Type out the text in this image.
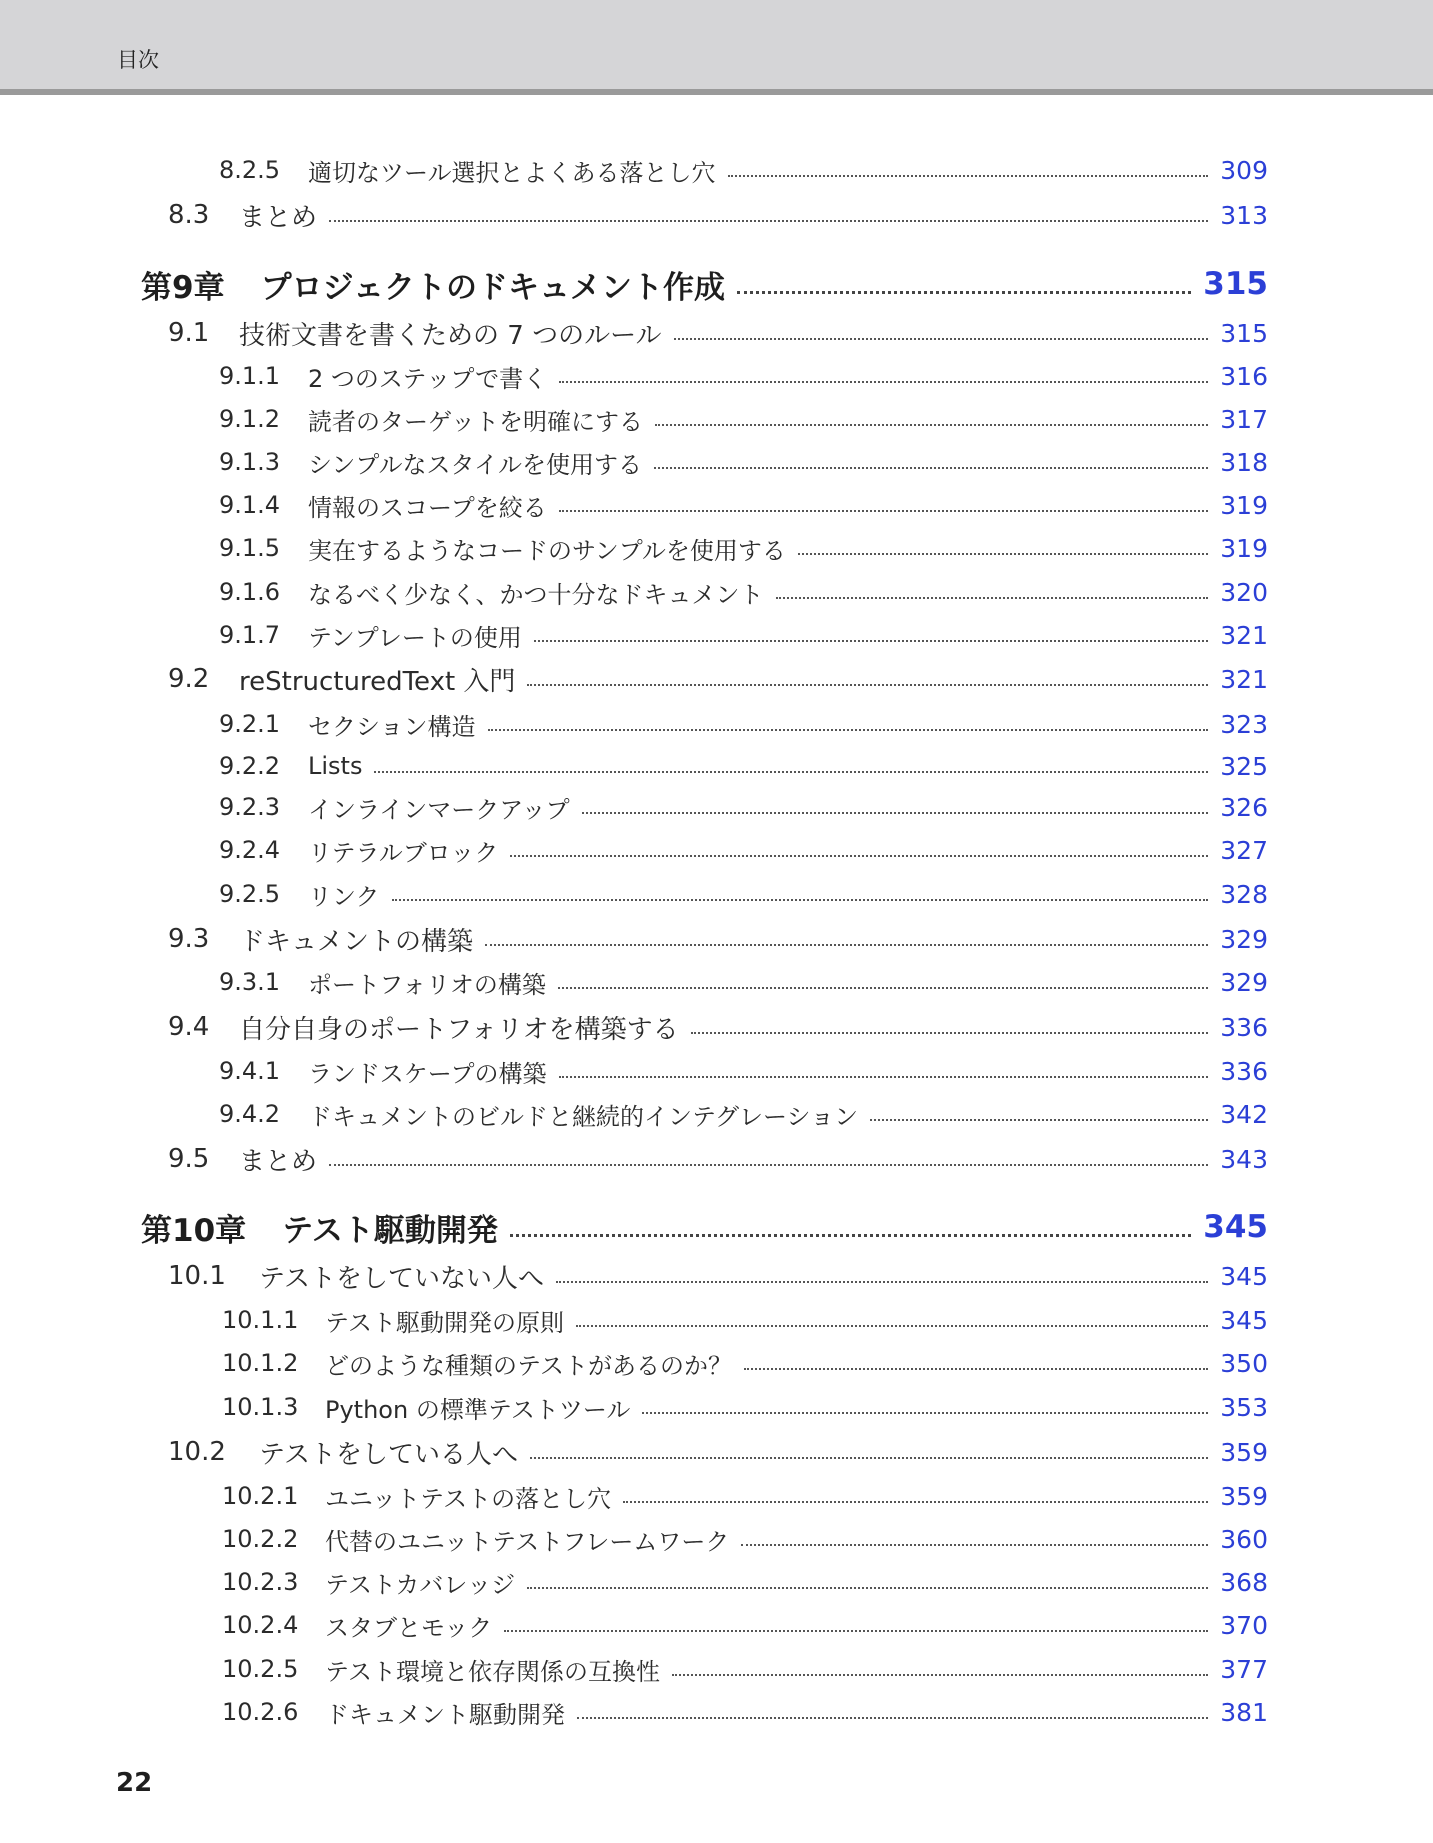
目次
8.2.5	適切なツール選択とよくある落とし穴	309
8.3	まとめ	313
第9章 プロジェクトのドキュメント作成	315
9.1	技術文書を書くための 7 つのルール	315
9.1.1	2 つのステップで書く	316
9.1.2	読者のターゲットを明確にする	317
9.1.3	シンプルなスタイルを使用する	318
9.1.4	情報のスコープを絞る	319
9.1.5	実在するようなコードのサンプルを使用する	319
9.1.6	なるべく少なく、かつ十分なドキュメント	320
9.1.7	テンプレートの使用	321
9.2	reStructuredText 入門	321
9.2.1	セクション構造	323
9.2.2	Lists	325
9.2.3	インラインマークアップ	326
9.2.4	リテラルブロック	327
9.2.5	リンク	328
9.3	ドキュメントの構築	329
9.3.1	ポートフォリオの構築	329
9.4	自分自身のポートフォリオを構築する	336
9.4.1	ランドスケープの構築	336
9.4.2	ドキュメントのビルドと継続的インテグレーション	342
9.5	まとめ	343
第10章 テスト駆動開発	345
10.1	テストをしていない人へ	345
10.1.1	テスト駆動開発の原則	345
10.1.2	どのような種類のテストがあるのか？	350
10.1.3	Python の標準テストツール	353
10.2	テストをしている人へ	359
10.2.1	ユニットテストの落とし穴	359
10.2.2	代替のユニットテストフレームワーク	360
10.2.3	テストカバレッジ	368
10.2.4	スタブとモック	370
10.2.5	テスト環境と依存関係の互換性	377
10.2.6	ドキュメント駆動開発	381
22
